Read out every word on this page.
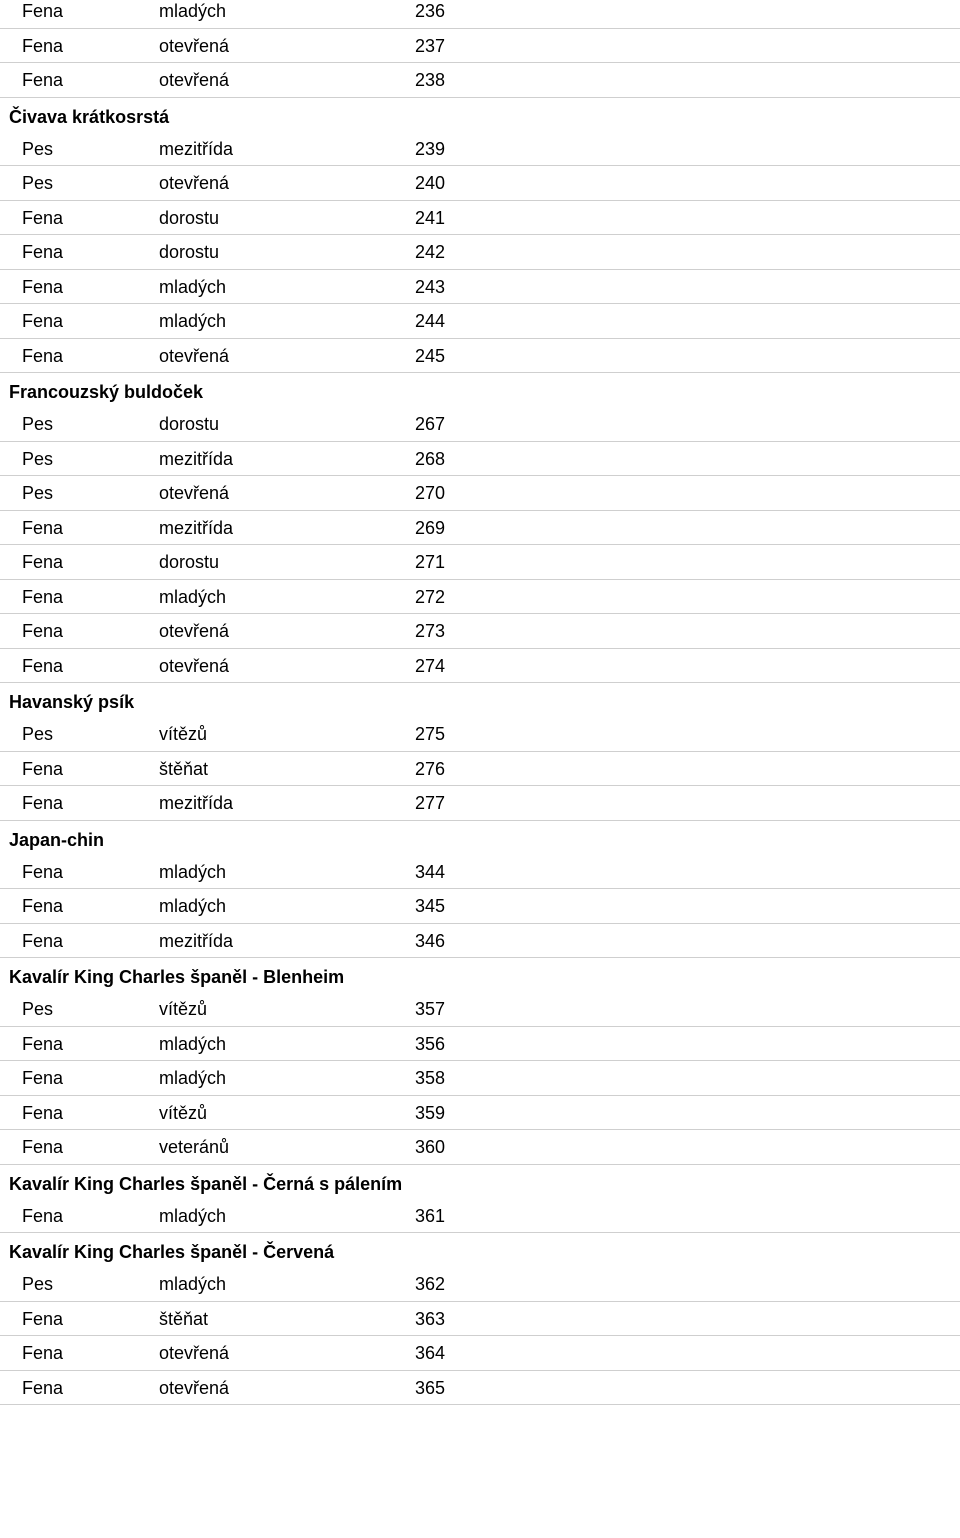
Fena	mladých	236
Fena	otevřená	237
Fena	otevřená	238
Čivava krátkosrstá
Pes	mezitřída	239
Pes	otevřená	240
Fena	dorostu	241
Fena	dorostu	242
Fena	mladých	243
Fena	mladých	244
Fena	otevřená	245
Francouzský buldoček
Pes	dorostu	267
Pes	mezitřída	268
Pes	otevřená	270
Fena	mezitřída	269
Fena	dorostu	271
Fena	mladých	272
Fena	otevřená	273
Fena	otevřená	274
Havanský psík
Pes	vítězů	275
Fena	štěňat	276
Fena	mezitřída	277
Japan-chin
Fena	mladých	344
Fena	mladých	345
Fena	mezitřída	346
Kavalír King Charles španěl - Blenheim
Pes	vítězů	357
Fena	mladých	356
Fena	mladých	358
Fena	vítězů	359
Fena	veteránů	360
Kavalír King Charles španěl - Černá s pálením
Fena	mladých	361
Kavalír King Charles španěl - Červená
Pes	mladých	362
Fena	štěňat	363
Fena	otevřená	364
Fena	otevřená	365
